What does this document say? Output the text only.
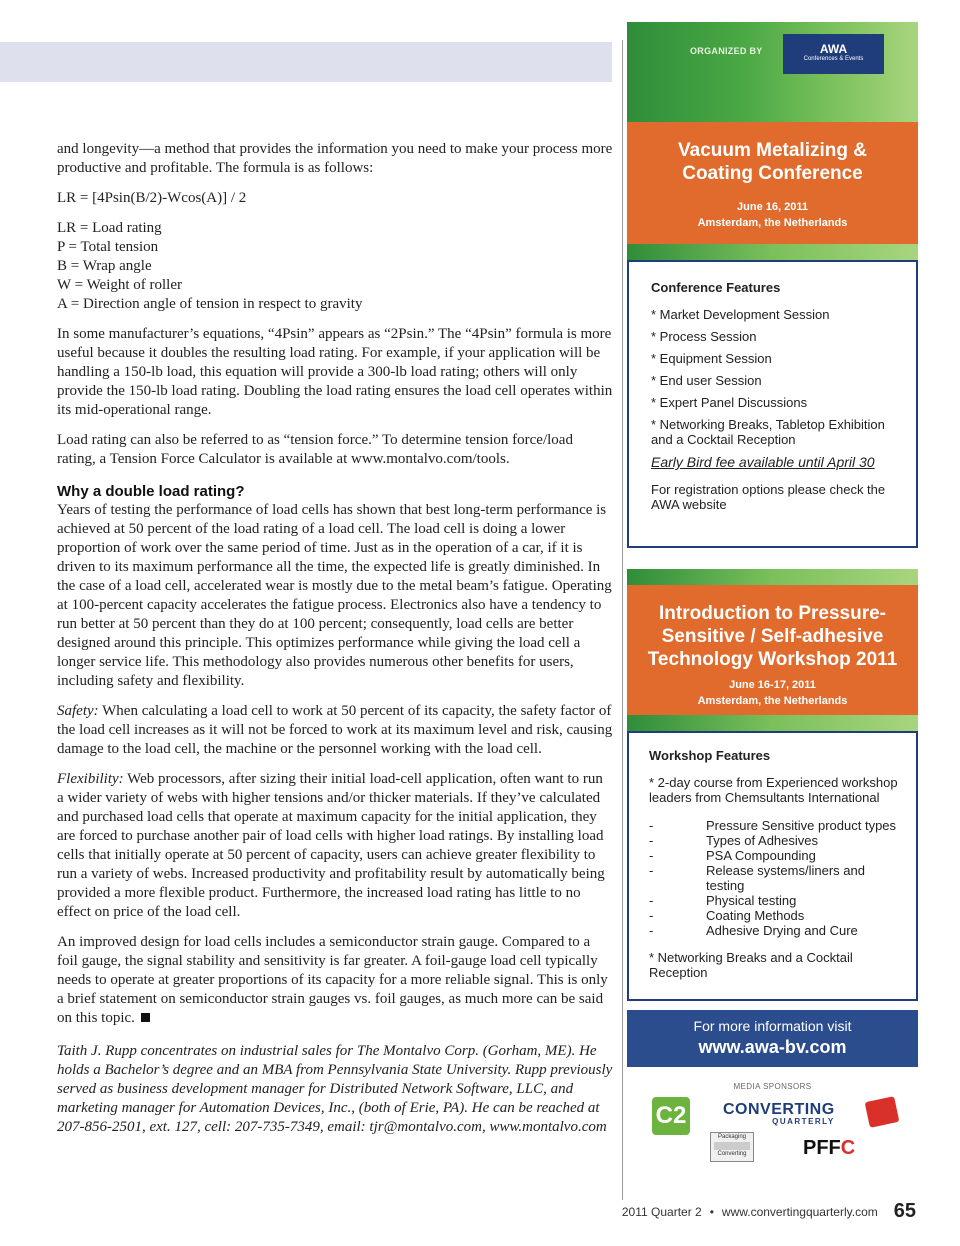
and longevity—a method that provides the information you need to make your process more productive and profitable. The formula is as follows:

LR = [4Psin(B/2)-Wcos(A)] / 2

LR = Load rating
P = Total tension
B = Wrap angle
W = Weight of roller
A = Direction angle of tension in respect to gravity

In some manufacturer’s equations, “4Psin” appears as “2Psin.” The “4Psin” formula is more useful because it doubles the resulting load rating. For example, if your application will be handling a 150-lb load, this equation will provide a 300-lb load rating; others will only provide the 150-lb load rating. Doubling the load rating ensures the load cell operates within its mid-operational range.

Load rating can also be referred to as “tension force.” To determine tension force/load rating, a Tension Force Calculator is available at www.montalvo.com/tools.

Why a double load rating?

Years of testing the performance of load cells has shown that best long-term performance is achieved at 50 percent of the load rating of a load cell. The load cell is doing a lower proportion of work over the same period of time. Just as in the operation of a car, if it is driven to its maximum performance all the time, the expected life is greatly diminished. In the case of a load cell, accelerated wear is mostly due to the metal beam’s fatigue. Operating at 100-percent capacity accelerates the fatigue process. Electronics also have a tendency to run better at 50 percent than they do at 100 percent; consequently, load cells are better designed around this principle. This optimizes performance while giving the load cell a longer service life. This methodology also provides numerous other benefits for users, including safety and flexibility.

Safety: When calculating a load cell to work at 50 percent of its capacity, the safety factor of the load cell increases as it will not be forced to work at its maximum level and risk, causing damage to the load cell, the machine or the personnel working with the load cell.

Flexibility: Web processors, after sizing their initial load-cell application, often want to run a wider variety of webs with higher tensions and/or thicker materials. If they’ve calculated and purchased load cells that operate at maximum capacity for the initial application, they are forced to purchase another pair of load cells with higher load ratings. By installing load cells that initially operate at 50 percent of capacity, users can achieve greater flexibility to run a variety of webs. Increased productivity and profitability result by automatically being provided a more flexible product. Furthermore, the increased load rating has little to no effect on price of the load cell.

An improved design for load cells includes a semiconductor strain gauge. Compared to a foil gauge, the signal stability and sensitivity is far greater. A foil-gauge load cell typically needs to operate at greater proportions of its capacity for a more reliable signal. This is only a brief statement on semiconductor strain gauges vs. foil gauges, as much more can be said on this topic.

Taith J. Rupp concentrates on industrial sales for The Montalvo Corp. (Gorham, ME). He holds a Bachelor’s degree and an MBA from Pennsylvania State University. Rupp previously served as business development manager for Distributed Network Software, LLC, and marketing manager for Automation Devices, Inc., (both of Erie, PA). He can be reached at 207-856-2501, ext. 127, cell: 207-735-7349, email: tjr@montalvo.com, www.montalvo.com

2011 Quarter 2 • www.convertingquarterly.com 65
ORGANIZED BY	AWA
Conferences & Events
Vacuum Metalizing &
Coating Conference
June 16, 2011
Amsterdam, the Netherlands
Conference Features
* Market Development Session
* Process Session
* Equipment Session
* End user Session
* Expert Panel Discussions
* Networking Breaks, Tabletop Exhibition and a Cocktail Reception
Early Bird fee available until April 30
For registration options please check the AWA website
Introduction to Pressure-
Sensitive / Self-adhesive
Technology Workshop 2011
June 16-17, 2011
Amsterdam, the Netherlands
Workshop Features
* 2-day course from Experienced workshop leaders from Chemsultants International
-	Pressure Sensitive product types
-	Types of Adhesives
-	PSA Compounding
-	Release systems/liners and testing
-	Physical testing
-	Coating Methods
-	Adhesive Drying and Cure
* Networking Breaks and a Cocktail Reception
For more information visit
www.awa-bv.com
MEDIA SPONSORS
C2 CONVERTING
QUARTERLY
Packaging
Converting	PFFC
